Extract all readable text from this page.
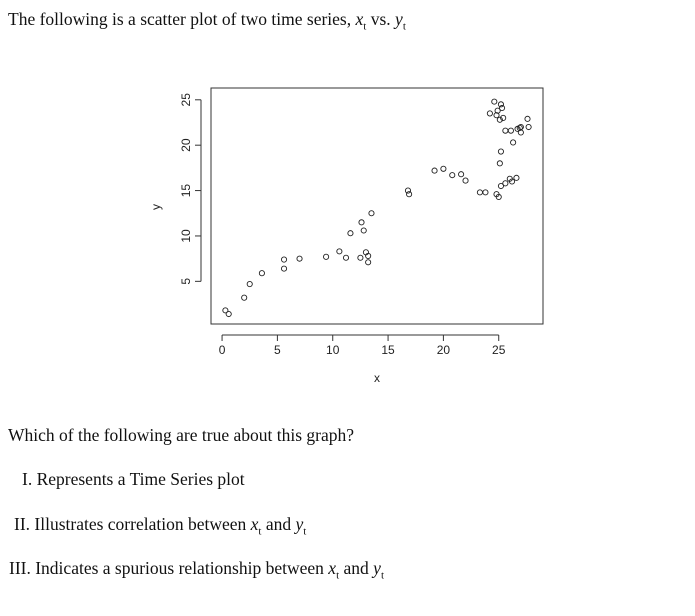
The following is a scatter plot of two time series, $x_t$ vs. $y_t$

0	5	10	15	20	25
5
10
15
20
25
x
y

Which of the following are true about this graph?

I. Represents a Time Series plot

II. Illustrates correlation between $x_t$ and $y_t$

III. Indicates a spurious relationship between $x_t$ and $y_t$
